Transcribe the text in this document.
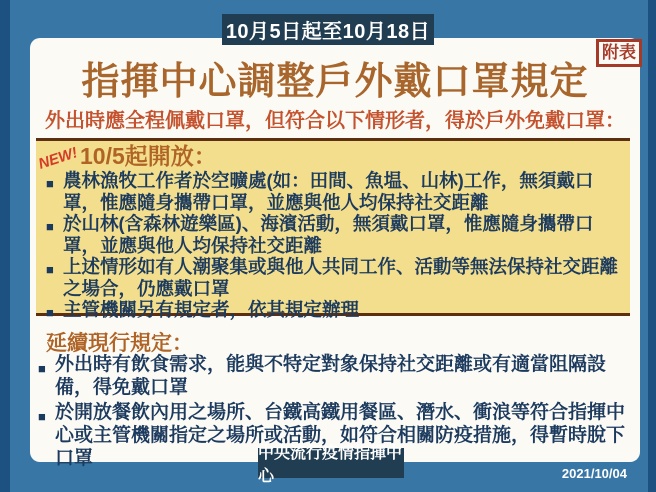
10月5日起至10月18日
附表
指揮中心調整戶外戴口罩規定
外出時應全程佩戴口罩，但符合以下情形者，得於戶外免戴口罩：
NEW! 10/5起開放：
■ 農林漁牧工作者於空曠處(如：田間、魚塭、山林)工作，無須戴口罩，惟應隨身攜帶口罩，並應與他人均保持社交距離
■ 於山林(含森林遊樂區)、海濱活動，無須戴口罩，惟應隨身攜帶口罩，並應與他人均保持社交距離
■ 上述情形如有人潮聚集或與他人共同工作、活動等無法保持社交距離之場合，仍應戴口罩
■ 主管機關另有規定者，依其規定辦理
延續現行規定：
■ 外出時有飲食需求，能與不特定對象保持社交距離或有適當阻隔設備，得免戴口罩
■ 於開放餐飲內用之場所、台鐵高鐵用餐區、潛水、衝浪等符合指揮中心或主管機關指定之場所或活動，如符合相關防疫措施，得暫時脫下口罩	中央流行疫情指揮中心	2021/10/04
